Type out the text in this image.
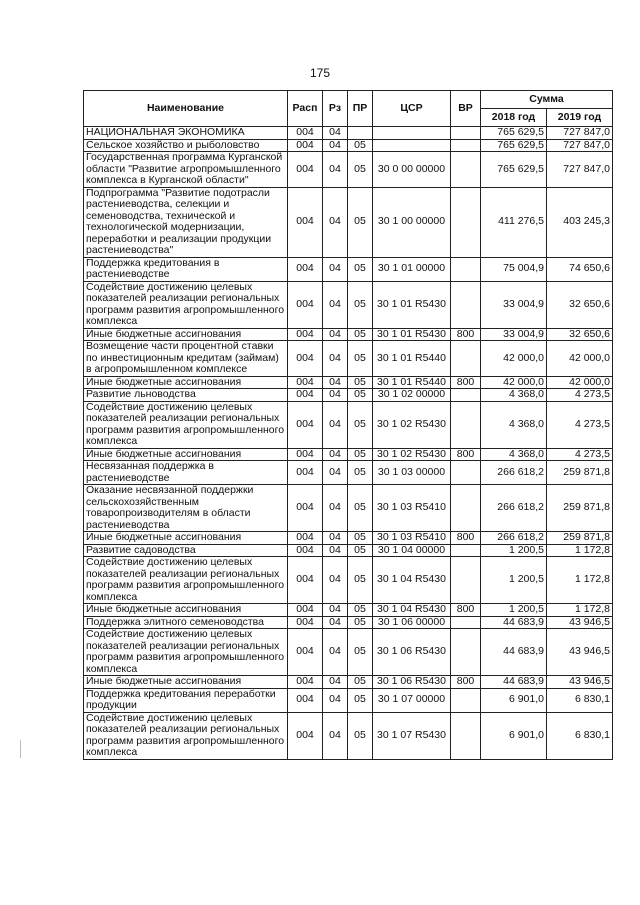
175
Наименование	Расп	Рз	ПР	ЦСР	ВР	Сумма	
						2018 год	2019 год
НАЦИОНАЛЬНАЯ ЭКОНОМИКА	004	04				765 629,5	727 847,0
Сельское хозяйство и рыболовство	004	04	05			765 629,5	727 847,0
Государственная программа Курганской области "Развитие агропромышленного комплекса в Курганской области"	004	04	05	30 0 00 00000		765 629,5	727 847,0
Подпрограмма "Развитие подотрасли растениеводства, селекции и семеноводства, технической и технологической модернизации, переработки и реализации продукции растениеводства"	004	04	05	30 1 00 00000		411 276,5	403 245,3
Поддержка кредитования в растениеводстве	004	04	05	30 1 01 00000		75 004,9	74 650,6
Содействие достижению целевых показателей реализации региональных программ развития агропромышленного комплекса	004	04	05	30 1 01 R5430		33 004,9	32 650,6
Иные бюджетные ассигнования	004	04	05	30 1 01 R5430	800	33 004,9	32 650,6
Возмещение части процентной ставки по инвестиционным кредитам (займам) в агропромышленном комплексе	004	04	05	30 1 01 R5440		42 000,0	42 000,0
Иные бюджетные ассигнования	004	04	05	30 1 01 R5440	800	42 000,0	42 000,0
Развитие льноводства	004	04	05	30 1 02 00000		4 368,0	4 273,5
Содействие достижению целевых показателей реализации региональных программ развития агропромышленного комплекса	004	04	05	30 1 02 R5430		4 368,0	4 273,5
Иные бюджетные ассигнования	004	04	05	30 1 02 R5430	800	4 368,0	4 273,5
Несвязанная поддержка в растениеводстве	004	04	05	30 1 03 00000		266 618,2	259 871,8
Оказание несвязанной поддержки сельскохозяйственным товаропроизводителям в области растениеводства	004	04	05	30 1 03 R5410		266 618,2	259 871,8
Иные бюджетные ассигнования	004	04	05	30 1 03 R5410	800	266 618,2	259 871,8
Развитие садоводства	004	04	05	30 1 04 00000		1 200,5	1 172,8
Содействие достижению целевых показателей реализации региональных программ развития агропромышленного комплекса	004	04	05	30 1 04 R5430		1 200,5	1 172,8
Иные бюджетные ассигнования	004	04	05	30 1 04 R5430	800	1 200,5	1 172,8
Поддержка элитного семеноводства	004	04	05	30 1 06 00000		44 683,9	43 946,5
Содействие достижению целевых показателей реализации региональных программ развития агропромышленного комплекса	004	04	05	30 1 06 R5430		44 683,9	43 946,5
Иные бюджетные ассигнования	004	04	05	30 1 06 R5430	800	44 683,9	43 946,5
Поддержка кредитования переработки продукции	004	04	05	30 1 07 00000		6 901,0	6 830,1
Содействие достижению целевых показателей реализации региональных программ развития агропромышленного комплекса	004	04	05	30 1 07 R5430		6 901,0	6 830,1
